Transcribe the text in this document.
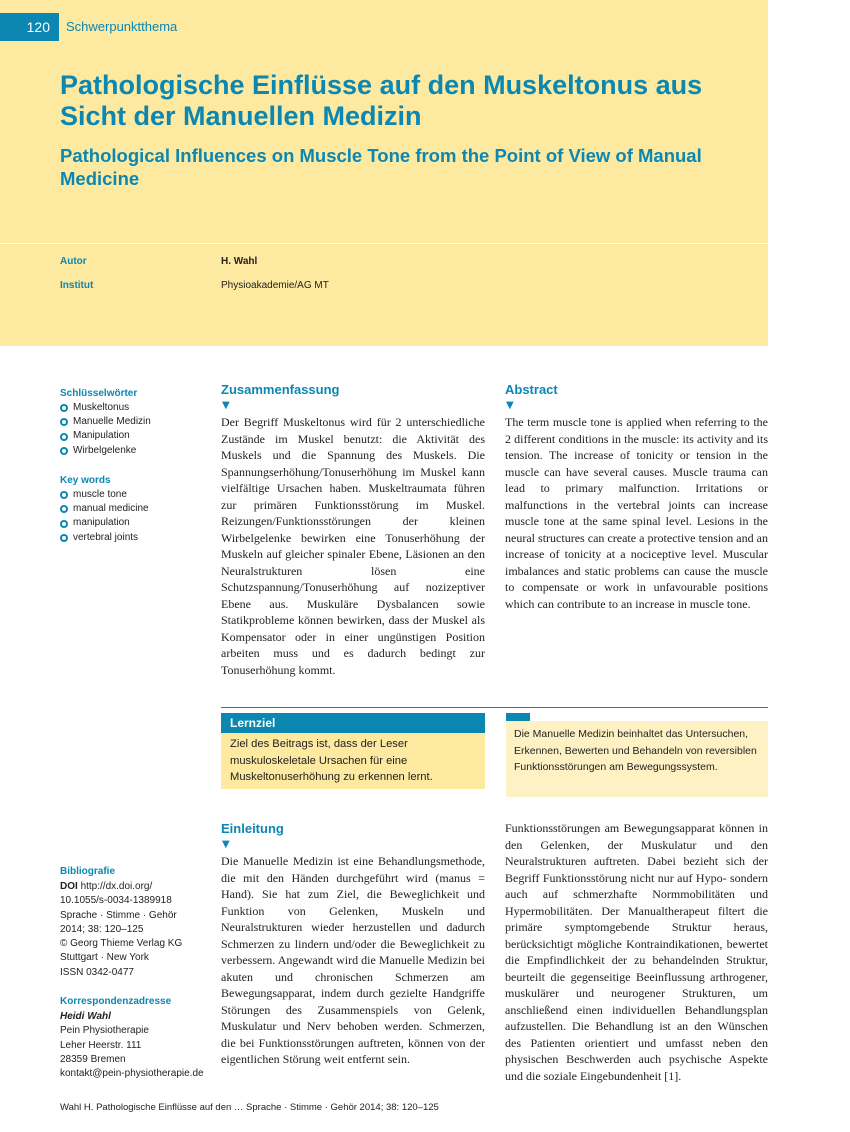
120	Schwerpunktthema
Pathologische Einflüsse auf den Muskeltonus aus Sicht der Manuellen Medizin
Pathological Influences on Muscle Tone from the Point of View of Manual Medicine
Autor	H. Wahl
Institut	Physioakademie/AG MT
Schlüsselwörter
Muskeltonus
Manuelle Medizin
Manipulation
Wirbelgelenke
Key words
muscle tone
manual medicine
manipulation
vertebral joints
Bibliografie
DOI http://dx.doi.org/
10.1055/s-0034-1389918
Sprache · Stimme · Gehör
2014; 38: 120–125
© Georg Thieme Verlag KG
Stuttgart · New York
ISSN 0342-0477
Korrespondenzadresse
Heidi Wahl
Pein Physiotherapie
Leher Heerstr. 111
28359 Bremen
kontakt@pein-physiotherapie.de
Zusammenfassung
▼

Der Begriff Muskeltonus wird für 2 unterschiedliche Zustände im Muskel benutzt: die Aktivität des Muskels und die Spannung des Muskels. Die Spannungserhöhung/Tonuserhöhung im Muskel kann vielfältige Ursachen haben. Muskeltraumata führen zur primären Funktionsstörung im Muskel. Reizungen/Funktionsstörungen der kleinen Wirbelgelenke bewirken eine Tonuserhöhung der Muskeln auf gleicher spinaler Ebene, Läsionen an den Neuralstrukturen lösen eine Schutzspannung/Tonuserhöhung auf nozizeptiver Ebene aus. Muskuläre Dysbalancen sowie Statikprobleme können bewirken, dass der Muskel als Kompensator oder in einer ungünstigen Position arbeiten muss und es dadurch bedingt zur Tonuserhöhung kommt.

Abstract
▼

The term muscle tone is applied when referring to the 2 different conditions in the muscle: its activity and its tension. The increase of tonicity or tension in the muscle can have several causes. Muscle trauma can lead to primary malfunction. Irritations or malfunctions in the vertebral joints can increase muscle tone at the same spinal level. Lesions in the neural structures can create a protective tension and an increase of tonicity at a nociceptive level. Muscular imbalances and static problems can cause the muscle to compensate or work in unfavourable positions which can contribute to an increase in muscle tone.

Lernziel
Ziel des Beitrags ist, dass der Leser muskuloskeletale Ursachen für eine Muskeltonuserhöhung zu erkennen lernt.
Die Manuelle Medizin beinhaltet das Untersuchen, Erkennen, Bewerten und Behandeln von reversiblen Funktionsstörungen am Bewegungssystem.
Einleitung
▼

Die Manuelle Medizin ist eine Behandlungsmethode, die mit den Händen durchgeführt wird (manus = Hand). Sie hat zum Ziel, die Beweglichkeit und Funktion von Gelenken, Muskeln und Neuralstrukturen wieder herzustellen und dadurch Schmerzen zu lindern und/oder die Beweglichkeit zu verbessern. Angewandt wird die Manuelle Medizin bei akuten und chronischen Schmerzen am Bewegungsapparat, indem durch gezielte Handgriffe Störungen des Zusammenspiels von Gelenk, Muskulatur und Nerv behoben werden. Schmerzen, die bei Funktionsstörungen auftreten, können von der eigentlichen Störung weit entfernt sein.

Funktionsstörungen am Bewegungsapparat können in den Gelenken, der Muskulatur und den Neuralstrukturen auftreten. Dabei bezieht sich der Begriff Funktionsstörung nicht nur auf Hypo- sondern auch auf schmerzhafte Normmobilitäten und Hypermobilitäten. Der Manualtherapeut filtert die primäre symptomgebende Struktur heraus, berücksichtigt mögliche Kontraindikationen, bewertet die Empfindlichkeit der zu behandelnden Struktur, beurteilt die gegenseitige Beeinflussung arthrogener, muskulärer und neurogener Strukturen, um anschließend einen individuellen Behandlungsplan aufzustellen. Die Behandlung ist an den Wünschen des Patienten orientiert und umfasst neben den physischen Beschwerden auch psychische Aspekte und die soziale Eingebundenheit [1].

Wahl H. Pathologische Einflüsse auf den … Sprache · Stimme · Gehör 2014; 38: 120–125
